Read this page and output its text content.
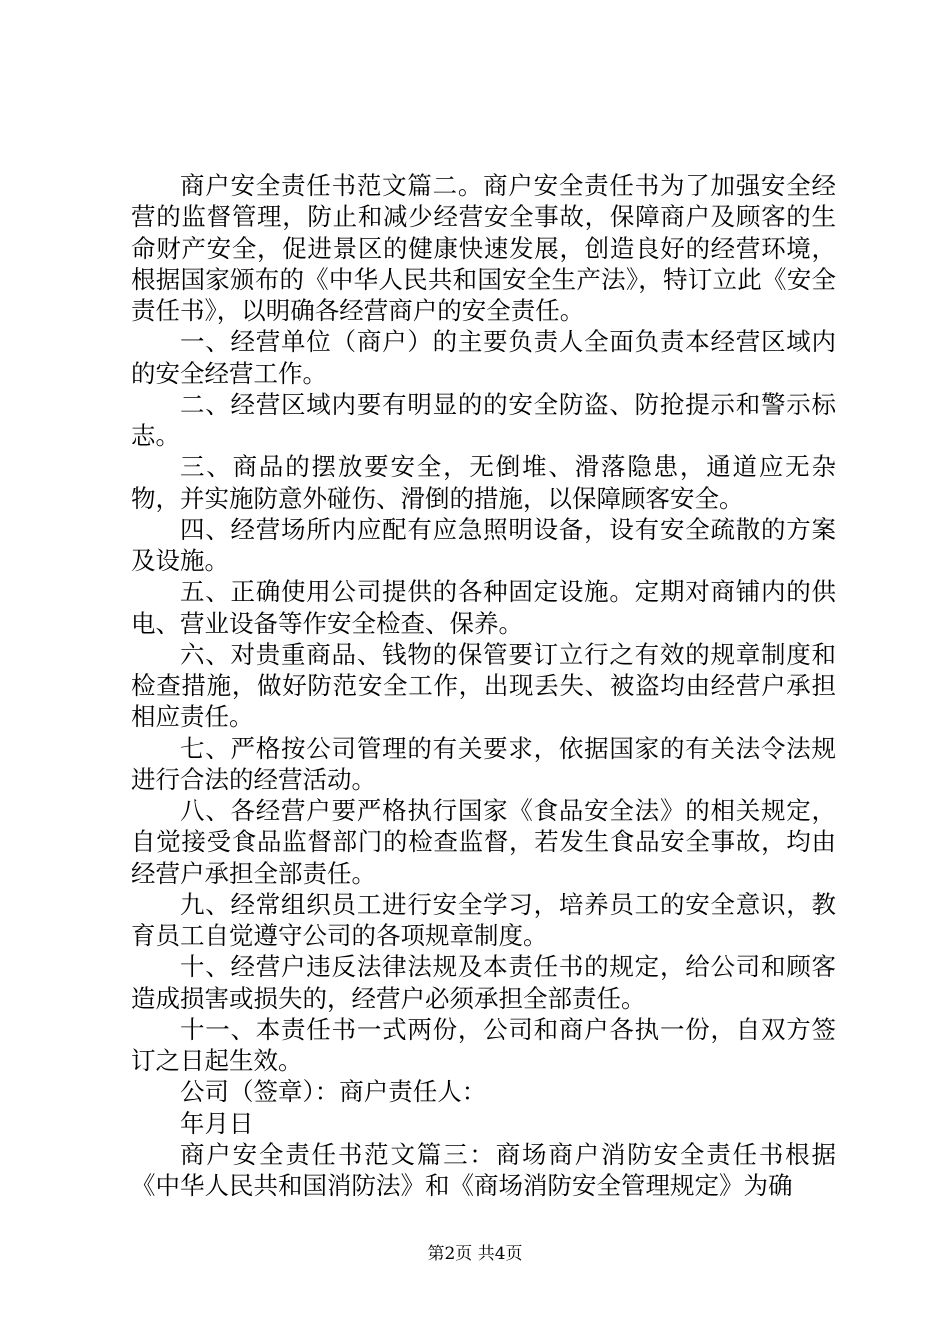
商户安全责任书范文篇二。商户安全责任书为了加强安全经营的监督管理，防止和减少经营安全事故，保障商户及顾客的生命财产安全，促进景区的健康快速发展，创造良好的经营环境，根据国家颁布的《中华人民共和国安全生产法》，特订立此《安全责任书》，以明确各经营商户的安全责任。

一、经营单位（商户）的主要负责人全面负责本经营区域内的安全经营工作。

二、经营区域内要有明显的的安全防盗、防抢提示和警示标志。

三、商品的摆放要安全，无倒堆、滑落隐患，通道应无杂物，并实施防意外碰伤、滑倒的措施，以保障顾客安全。

四、经营场所内应配有应急照明设备，设有安全疏散的方案及设施。

五、正确使用公司提供的各种固定设施。定期对商铺内的供电、营业设备等作安全检查、保养。

六、对贵重商品、钱物的保管要订立行之有效的规章制度和检查措施，做好防范安全工作，出现丢失、被盗均由经营户承担相应责任。

七、严格按公司管理的有关要求，依据国家的有关法令法规进行合法的经营活动。

八、各经营户要严格执行国家《食品安全法》的相关规定，自觉接受食品监督部门的检查监督，若发生食品安全事故，均由经营户承担全部责任。

九、经常组织员工进行安全学习，培养员工的安全意识，教育员工自觉遵守公司的各项规章制度。

十、经营户违反法律法规及本责任书的规定，给公司和顾客造成损害或损失的，经营户必须承担全部责任。

十一、本责任书一式两份，公司和商户各执一份，自双方签订之日起生效。

公司（签章）：商户责任人：

年月日

商户安全责任书范文篇三：商场商户消防安全责任书根据《中华人民共和国消防法》和《商场消防安全管理规定》为确

第2页 共4页
